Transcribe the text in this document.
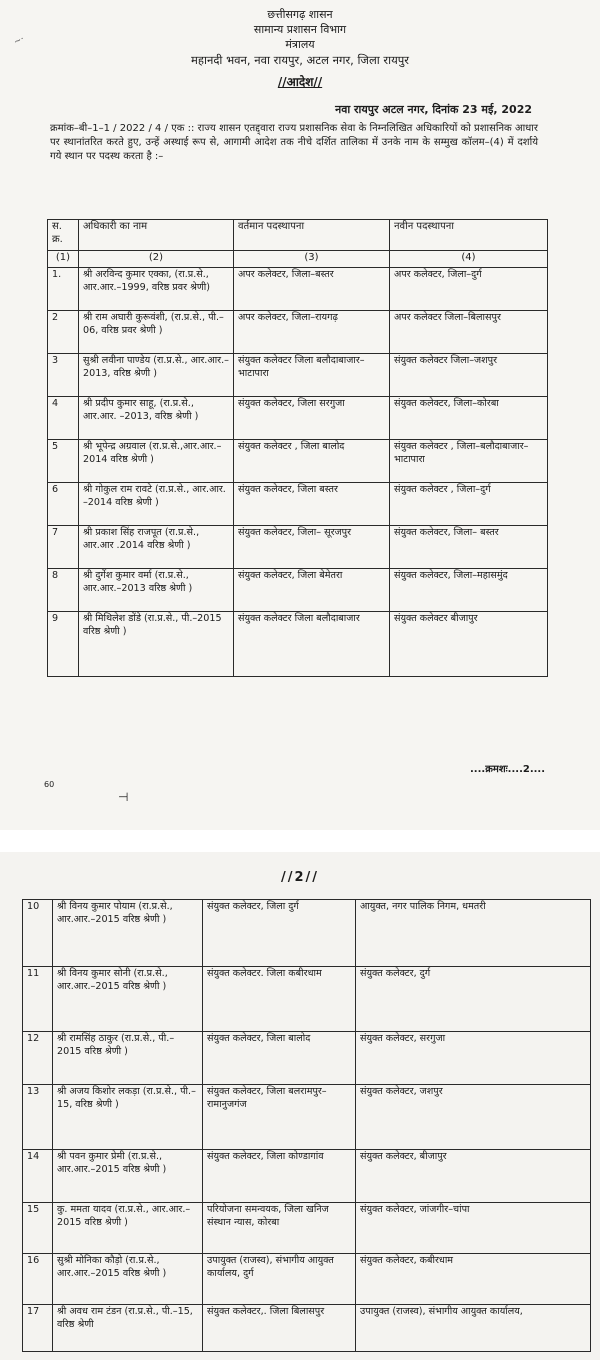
~·
छत्तीसगढ़ शासन
सामान्य प्रशासन विभाग
मंत्रालय
महानदी भवन, नवा रायपुर, अटल नगर, जिला रायपुर
//आदेश//
नवा रायपुर अटल नगर, दिनांक 23 मई, 2022
क्रमांक–बी–1–1 / 2022 / 4 / एक :: राज्य शासन एतद्द्वारा राज्य प्रशासनिक सेवा के निम्नलिखित अधिकारियों को प्रशासनिक आधार पर स्थानांतरित करते हुए, उन्हें अस्थाई रूप से, आगामी आदेश तक नीचे दर्शित तालिका में उनके नाम के सम्मुख कॉलम–(4) में दर्शाये गये स्थान पर पदस्थ करता है :–
स. क्र.	अधिकारी का नाम	वर्तमान पदस्थापना	नवीन पदस्थापना
(1)	(2)	(3)	(4)
1.	श्री अरविन्द कुमार एक्का, (रा.प्र.से., आर.आर.–1999, वरिष्ठ प्रवर श्रेणी)	अपर कलेक्टर, जिला–बस्तर	अपर कलेक्टर, जिला–दुर्ग
2	श्री राम अघारी कुरूवंशी, (रा.प्र.से., पी.–06, वरिष्ठ प्रवर श्रेणी )	अपर कलेक्टर, जिला–रायगढ़	अपर कलेक्टर जिला–बिलासपुर
3	सुश्री लवीना पाण्डेय (रा.प्र.से., आर.आर.–2013, वरिष्ठ श्रेणी )	संयुक्त कलेक्टर जिला बलौदाबाजार–भाटापारा	संयुक्त कलेक्टर जिला–जशपुर
4	श्री प्रदीप कुमार साहू, (रा.प्र.से., आर.आर. –2013, वरिष्ठ श्रेणी )	संयुक्त कलेक्टर, जिला सरगुजा	संयुक्त कलेक्टर, जिला–कोरबा
5	श्री भूपेन्द्र अग्रवाल (रा.प्र.से.,आर.आर.–2014 वरिष्ठ श्रेणी )	संयुक्त कलेक्टर , जिला बालोद	संयुक्त कलेक्टर , जिला–बलौदाबाजार–भाटापारा
6	श्री गोकुल राम रावटे (रा.प्र.से., आर.आर. –2014 वरिष्ठ श्रेणी )	संयुक्त कलेक्टर, जिला बस्तर	संयुक्त कलेक्टर , जिला–दुर्ग
7	श्री प्रकाश सिंह राजपूत (रा.प्र.से., आर.आर .2014 वरिष्ठ श्रेणी )	संयुक्त कलेक्टर, जिला– सूरजपुर	संयुक्त कलेक्टर, जिला– बस्तर
8	श्री दुर्गेश कुमार वर्मा (रा.प्र.से., आर.आर.–2013 वरिष्ठ श्रेणी )	संयुक्त कलेक्टर, जिला बेमेतरा	संयुक्त कलेक्टर, जिला–महासमुंद
9	श्री मिथिलेश डोंडे (रा.प्र.से., पी.–2015 वरिष्ठ श्रेणी )	संयुक्त कलेक्टर जिला बलौदाबाजार	संयुक्त कलेक्टर बीजापुर
....क्रमशः....2....
60
⊣
//2//
10	श्री विनय कुमार पोयाम (रा.प्र.से., आर.आर.–2015 वरिष्ठ श्रेणी )	संयुक्त कलेक्टर, जिला दुर्ग	आयुक्त, नगर पालिक निगम, धमतरी
11	श्री विनय कुमार सोनी (रा.प्र.से., आर.आर.–2015 वरिष्ठ श्रेणी )	संयुक्त कलेक्टर. जिला कबीरधाम	संयुक्त कलेक्टर, दुर्ग
12	श्री रामसिंह ठाकुर (रा.प्र.से., पी.–2015 वरिष्ठ श्रेणी )	संयुक्त कलेक्टर, जिला बालोद	संयुक्त कलेक्टर, सरगुजा
13	श्री अजय किशोर लकड़ा (रा.प्र.से., पी.–15, वरिष्ठ श्रेणी )	संयुक्त कलेक्टर, जिला बलरामपुर–रामानुजगंज	संयुक्त कलेक्टर, जशपुर
14	श्री पवन कुमार प्रेमी (रा.प्र.से., आर.आर.–2015 वरिष्ठ श्रेणी )	संयुक्त कलेक्टर, जिला कोण्डागांव	संयुक्त कलेक्टर, बीजापुर
15	कु. ममता यादव (रा.प्र.से., आर.आर.–2015 वरिष्ठ श्रेणी )	परियोजना समन्वयक, जिला खनिज संस्थान न्यास, कोरबा	संयुक्त कलेक्टर, जांजगीर–चांपा
16	सुश्री मोनिका कौड़ो (रा.प्र.से., आर.आर.–2015 वरिष्ठ श्रेणी )	उपायुक्त (राजस्व), संभागीय आयुक्त कार्यालय, दुर्ग	संयुक्त कलेक्टर, कबीरधाम
17	श्री अवध राम टंडन (रा.प्र.से., पी.–15, वरिष्ठ श्रेणी	संयुक्त कलेक्टर,. जिला बिलासपुर	उपायुक्त (राजस्व), संभागीय आयुक्त कार्यालय,
